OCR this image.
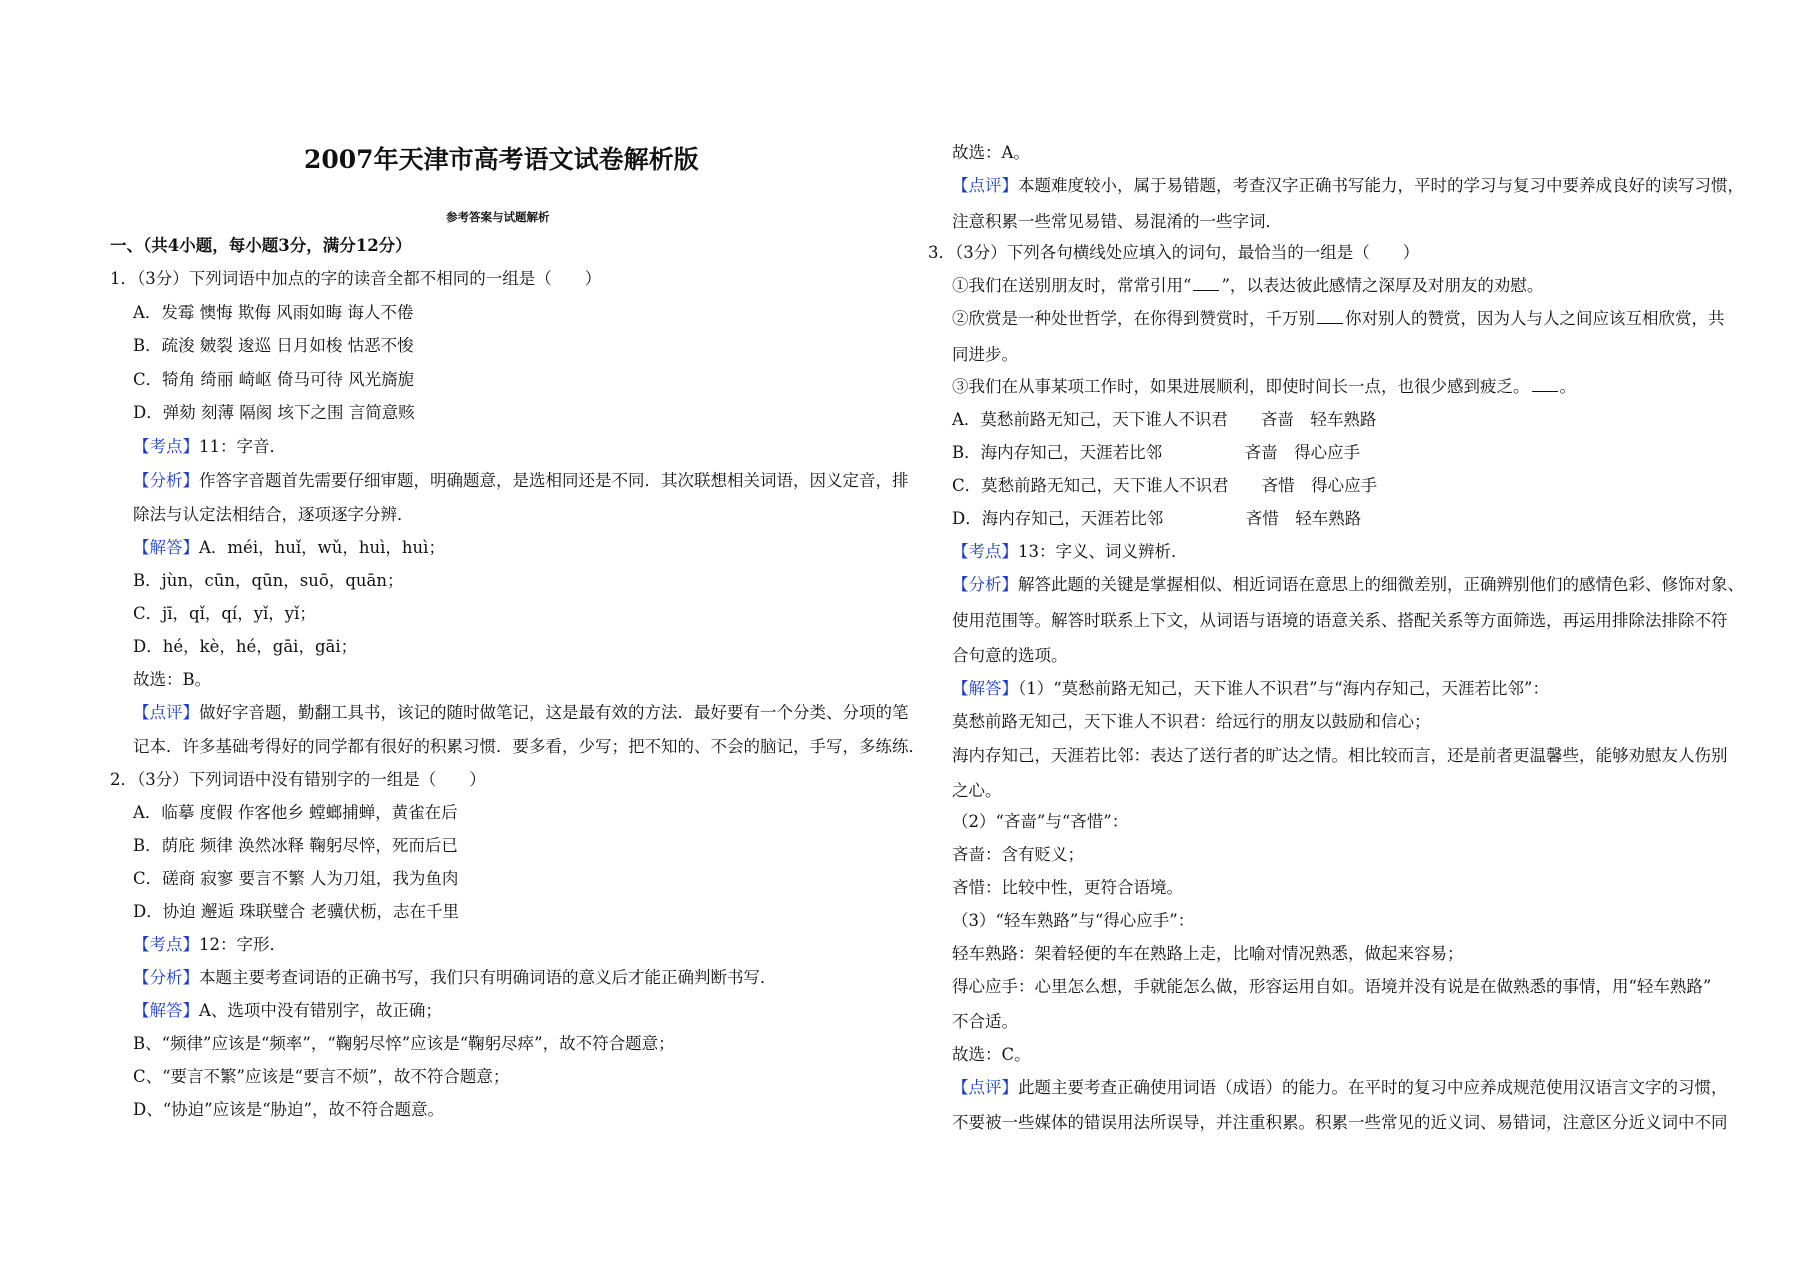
2007年天津市高考语文试卷解析版
参考答案与试题解析
一、（共4小题，每小题3分，满分12分）
1．（3分）下列词语中加点的字的读音全都不相同的一组是（　　）
A．发霉 懊悔 欺侮 风雨如晦 诲人不倦
B．疏浚 皴裂 逡巡 日月如梭 怙恶不悛
C．犄角 绮丽 崎岖 倚马可待 风光旖旎
D．弹劾 刻薄 隔阂 垓下之围 言简意赅
【考点】11：字音．
【分析】作答字音题首先需要仔细审题，明确题意，是选相同还是不同．其次联想相关词语，因义定音，排
除法与认定法相结合，逐项逐字分辨．
【解答】A．méi，huǐ，wǔ，huì，huì；
B．jùn，cūn，qūn，suō，quān；
C．jī，qǐ，qí，yǐ，yǐ；
D．hé，kè，hé，gāi，gāi；
故选：B。
【点评】做好字音题，勤翻工具书，该记的随时做笔记，这是最有效的方法．最好要有一个分类、分项的笔
记本．许多基础考得好的同学都有很好的积累习惯．要多看，少写；把不知的、不会的脑记，手写，多练练．
2．（3分）下列词语中没有错别字的一组是（　　）
A．临摹 度假 作客他乡 螳螂捕蝉，黄雀在后
B．荫庇 频律 涣然冰释 鞠躬尽悴，死而后已
C．磋商 寂寥 要言不繁 人为刀俎，我为鱼肉
D．协迫 邂逅 珠联璧合 老骥伏枥，志在千里
【考点】12：字形．
【分析】本题主要考查词语的正确书写，我们只有明确词语的意义后才能正确判断书写．
【解答】A、选项中没有错别字，故正确；
B、“频律”应该是“频率”，“鞠躬尽悴”应该是“鞠躬尽瘁”，故不符合题意；
C、“要言不繁”应该是“要言不烦”，故不符合题意；
D、“协迫”应该是“胁迫”，故不符合题意。
故选：A。
【点评】本题难度较小，属于易错题，考查汉字正确书写能力，平时的学习与复习中要养成良好的读写习惯，
注意积累一些常见易错、易混淆的一些字词．
3．（3分）下列各句横线处应填入的词句，最恰当的一组是（　　）
①我们在送别朋友时，常常引用“ ”，以表达彼此感情之深厚及对朋友的劝慰。
②欣赏是一种处世哲学，在你得到赞赏时，千万别 你对别人的赞赏，因为人与人之间应该互相欣赏，共
同进步。
③我们在从事某项工作时，如果进展顺利，即使时间长一点，也很少感到疲乏。 。
A．莫愁前路无知己，天下谁人不识君　　吝啬　轻车熟路
B．海内存知己，天涯若比邻　　　　　吝啬　得心应手
C．莫愁前路无知己，天下谁人不识君　　吝惜　得心应手
D．海内存知己，天涯若比邻　　　　　吝惜　轻车熟路
【考点】13：字义、词义辨析．
【分析】解答此题的关键是掌握相似、相近词语在意思上的细微差别，正确辨别他们的感情色彩、修饰对象、
使用范围等。解答时联系上下文，从词语与语境的语意关系、搭配关系等方面筛选，再运用排除法排除不符
合句意的选项。
【解答】（1）“莫愁前路无知己，天下谁人不识君”与“海内存知己，天涯若比邻”：
莫愁前路无知己，天下谁人不识君：给远行的朋友以鼓励和信心；
海内存知己，天涯若比邻：表达了送行者的旷达之情。相比较而言，还是前者更温馨些，能够劝慰友人伤别
之心。
（2）“吝啬”与“吝惜”：
吝啬：含有贬义；
吝惜：比较中性，更符合语境。
（3）“轻车熟路”与“得心应手”：
轻车熟路：架着轻便的车在熟路上走，比喻对情况熟悉，做起来容易；
得心应手：心里怎么想，手就能怎么做，形容运用自如。语境并没有说是在做熟悉的事情，用“轻车熟路”
不合适。
故选：C。
【点评】此题主要考查正确使用词语（成语）的能力。在平时的复习中应养成规范使用汉语言文字的习惯，
不要被一些媒体的错误用法所误导，并注重积累。积累一些常见的近义词、易错词，注意区分近义词中不同
